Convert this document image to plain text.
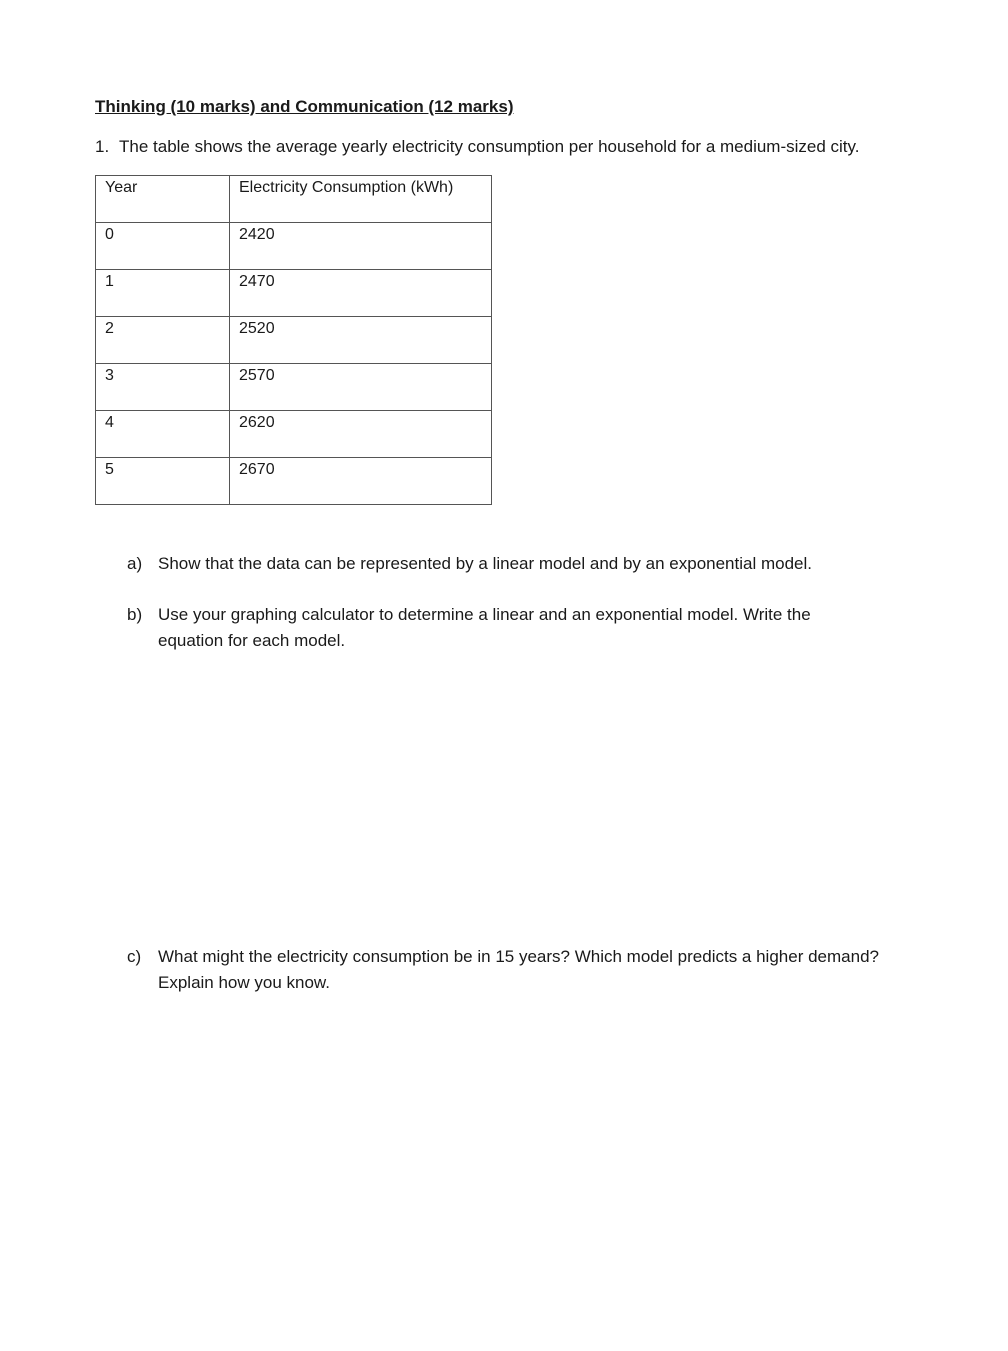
Thinking (10 marks) and Communication (12 marks)
1. The table shows the average yearly electricity consumption per household for a medium-sized city.
Year	Electricity Consumption (kWh)
0	2420
1	2470
2	2520
3	2570
4	2620
5	2670
a) Show that the data can be represented by a linear model and by an exponential model.
b) Use your graphing calculator to determine a linear and an exponential model. Write the
equation for each model.
c) What might the electricity consumption be in 15 years? Which model predicts a higher demand?
Explain how you know.
